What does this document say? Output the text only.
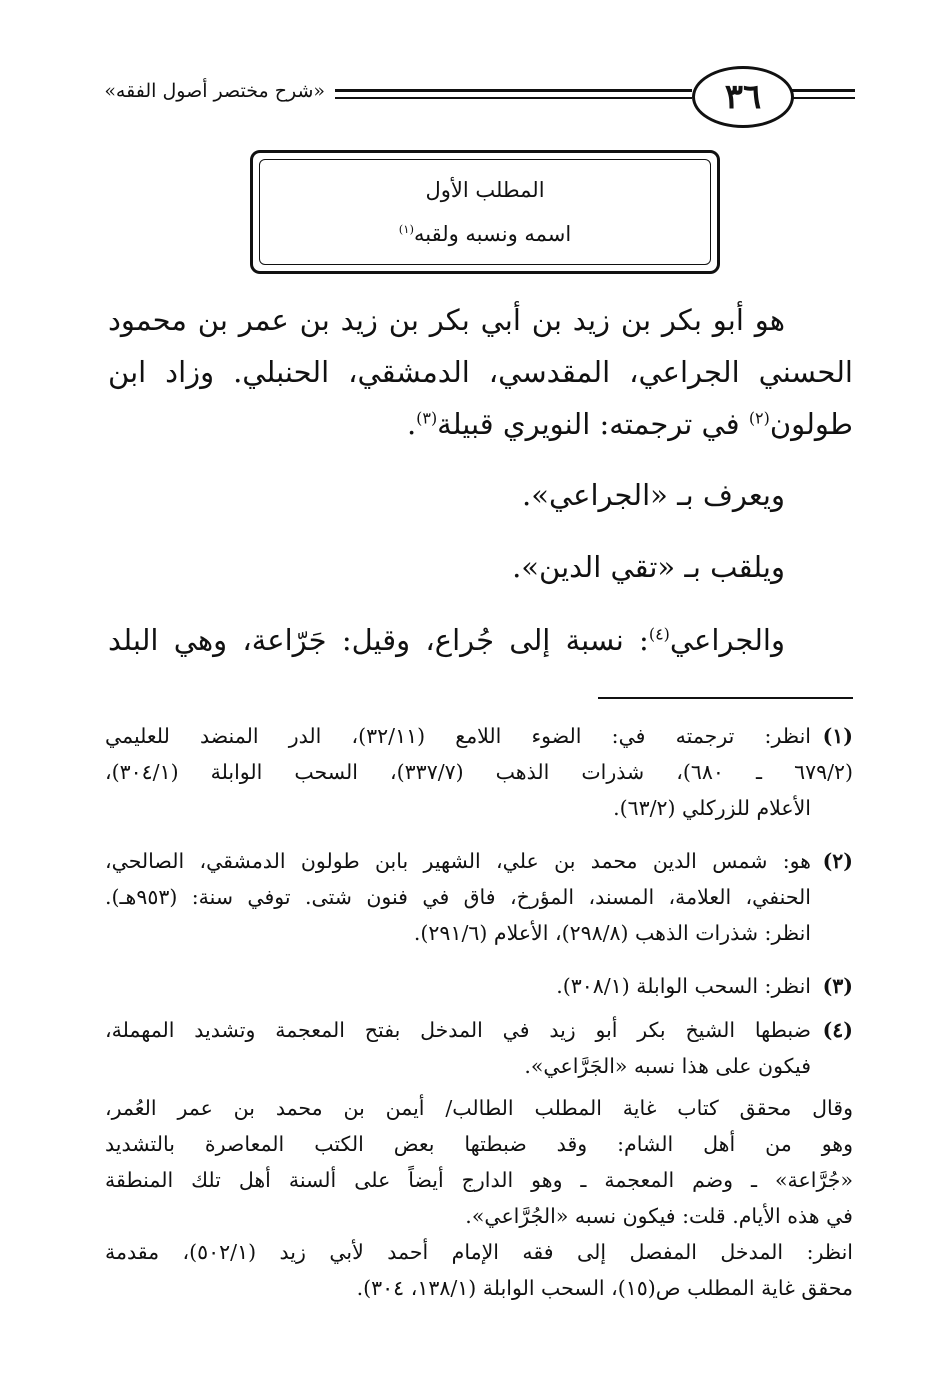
«شرح مختصر أصول الفقه»	٣٦
المطلب الأول
اسمه ونسبه ولقبه$^{(١)}$
هو أبو بكر بن زيد بن أبي بكر بن زيد بن عمر بن محمود
الحسني الجراعي، المقدسي، الدمشقي، الحنبلي. وزاد ابن
طولون$^{(٢)}$ في ترجمته: النويري قبيلة$^{(٣)}$.
ويعرف بـ «الجراعي».
ويلقب بـ «تقي الدين».
والجراعي$^{(٤)}$: نسبة إلى جُراع، وقيل: جَرّاعة، وهي البلد
(١)
انظر: ترجمته في: الضوء اللامع (٣٢/١١)، الدر المنضد للعليمي
(٦٧٩/٢ ـ ٦٨٠)، شذرات الذهب (٣٣٧/٧)، السحب الوابلة (٣٠٤/١)،
الأعلام للزركلي (٦٣/٢).
(٢)
هو: شمس الدين محمد بن علي، الشهير بابن طولون الدمشقي، الصالحي،
الحنفي، العلامة، المسند، المؤرخ، فاق في فنون شتى. توفي سنة: (٩٥٣هـ).
انظر: شذرات الذهب (٢٩٨/٨)، الأعلام (٢٩١/٦).
(٣)
انظر: السحب الوابلة (٣٠٨/١).
(٤)
ضبطها الشيخ بكر أبو زيد في المدخل بفتح المعجمة وتشديد المهملة،
فيكون على هذا نسبه «الجَرَّاعي».
وقال محقق كتاب غاية المطلب الطالب/ أيمن بن محمد بن عمر العُمر،
وهو من أهل الشام: وقد ضبطتها بعض الكتب المعاصرة بالتشديد
«جُرَّاعة» ـ وضم المعجمة ـ وهو الدارج أيضاً على ألسنة أهل تلك المنطقة
في هذه الأيام. قلت: فيكون نسبه «الجُرَّاعي».
انظر: المدخل المفصل إلى فقه الإمام أحمد لأبي زيد (٥٠٢/١)، مقدمة
محقق غاية المطلب ص(١٥)، السحب الوابلة (١٣٨/١، ٣٠٤).
